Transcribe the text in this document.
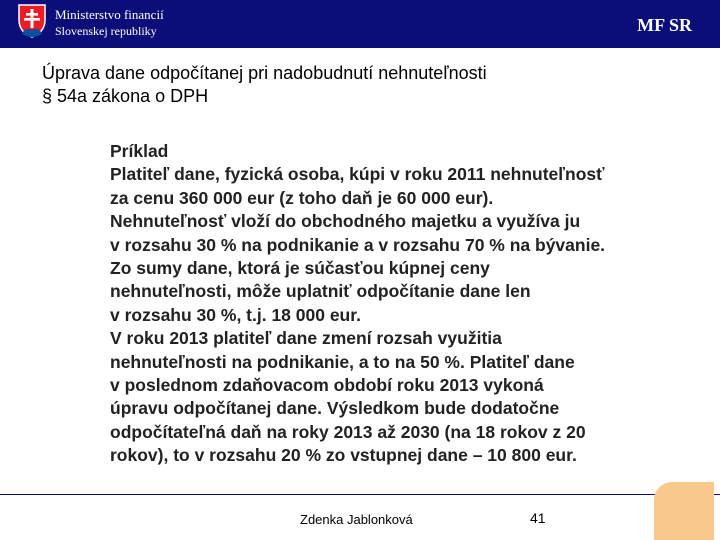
Ministerstvo financií
Slovenskej republiky	MF SR
Úprava dane odpočítanej pri nadobudnutí nehnuteľnosti
§ 54a zákona o DPH

Príklad

Platiteľ dane, fyzická osoba, kúpi v roku 2011 nehnuteľnosť

za cenu 360 000 eur (z toho daň je 60 000 eur).

Nehnuteľnosť vloží do obchodného majetku a využíva ju

v rozsahu 30 % na podnikanie a v rozsahu 70 % na bývanie.

Zo sumy dane, ktorá je súčasťou kúpnej ceny

nehnuteľnosti, môže uplatniť odpočítanie dane len

v rozsahu 30 %, t.j. 18 000 eur.

V roku 2013 platiteľ dane zmení rozsah využitia

nehnuteľnosti na podnikanie, a to na 50 %. Platiteľ dane

v poslednom zdaňovacom období roku 2013 vykoná

úpravu odpočítanej dane. Výsledkom bude dodatočne

odpočítateľná daň na roky 2013 až 2030 (na 18 rokov z 20

rokov), to v rozsahu 20 % zo vstupnej dane – 10 800 eur.

Zdenka Jablonková	41
